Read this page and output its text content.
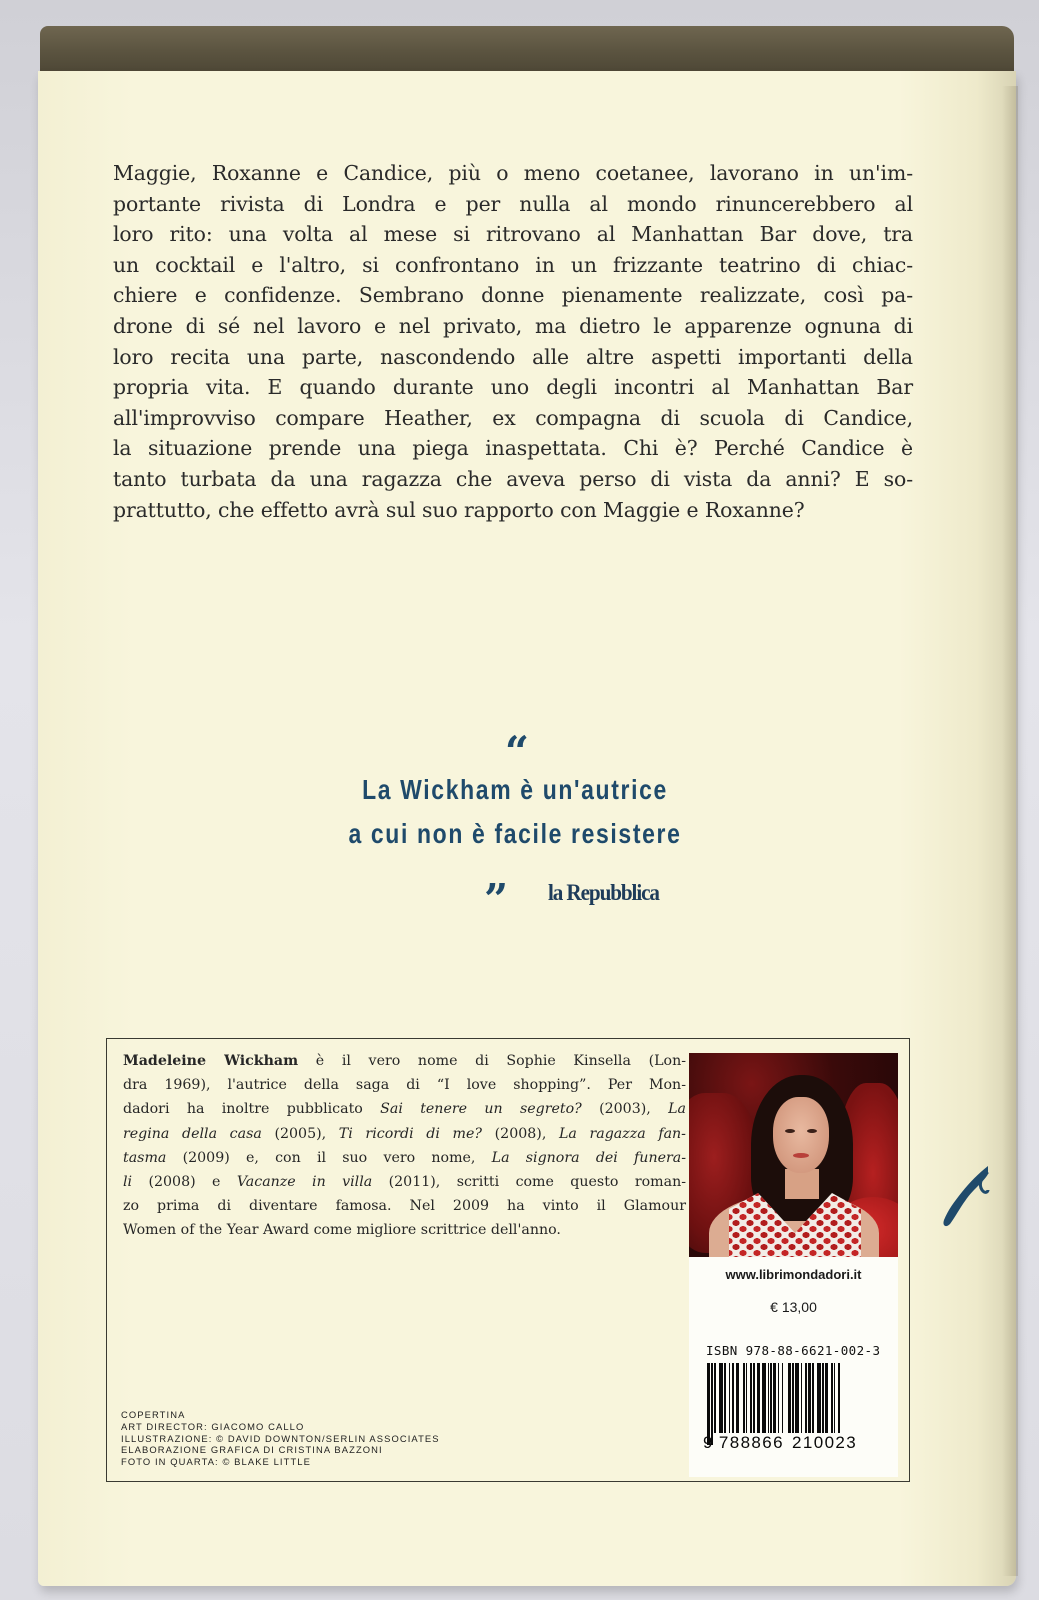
Maggie, Roxanne e Candice, più o meno coetanee, lavorano in un'im-
portante rivista di Londra e per nulla al mondo rinuncerebbero al
loro rito: una volta al mese si ritrovano al Manhattan Bar dove, tra
un cocktail e l'altro, si confrontano in un frizzante teatrino di chiac-
chiere e confidenze. Sembrano donne pienamente realizzate, così pa-
drone di sé nel lavoro e nel privato, ma dietro le apparenze ognuna di
loro recita una parte, nascondendo alle altre aspetti importanti della
propria vita. E quando durante uno degli incontri al Manhattan Bar
all'improvviso compare Heather, ex compagna di scuola di Candice,
la situazione prende una piega inaspettata. Chi è? Perché Candice è
tanto turbata da una ragazza che aveva perso di vista da anni? E so-
prattutto, che effetto avrà sul suo rapporto con Maggie e Roxanne?
“
La Wickham è un'autrice
a cui non è facile resistere
” la Repubblica
Madeleine Wickham è il vero nome di Sophie Kinsella (Lon-
dra 1969), l'autrice della saga di “I love shopping”. Per Mon-
dadori ha inoltre pubblicato Sai tenere un segreto? (2003), La
regina della casa (2005), Ti ricordi di me? (2008), La ragazza fan-
tasma (2009) e, con il suo vero nome, La signora dei funera-
li (2008) e Vacanze in villa (2011), scritti come questo roman-
zo prima di diventare famosa. Nel 2009 ha vinto il Glamour
Women of the Year Award come migliore scrittrice dell'anno.
COPERTINA
ART DIRECTOR: GIACOMO CALLO
ILLUSTRAZIONE: © DAVID DOWNTON/SERLIN ASSOCIATES
ELABORAZIONE GRAFICA DI CRISTINA BAZZONI
FOTO IN QUARTA: © BLAKE LITTLE
www.librimondadori.it
€ 13,00
ISBN 978-88-6621-002-3
9 788866 210023
